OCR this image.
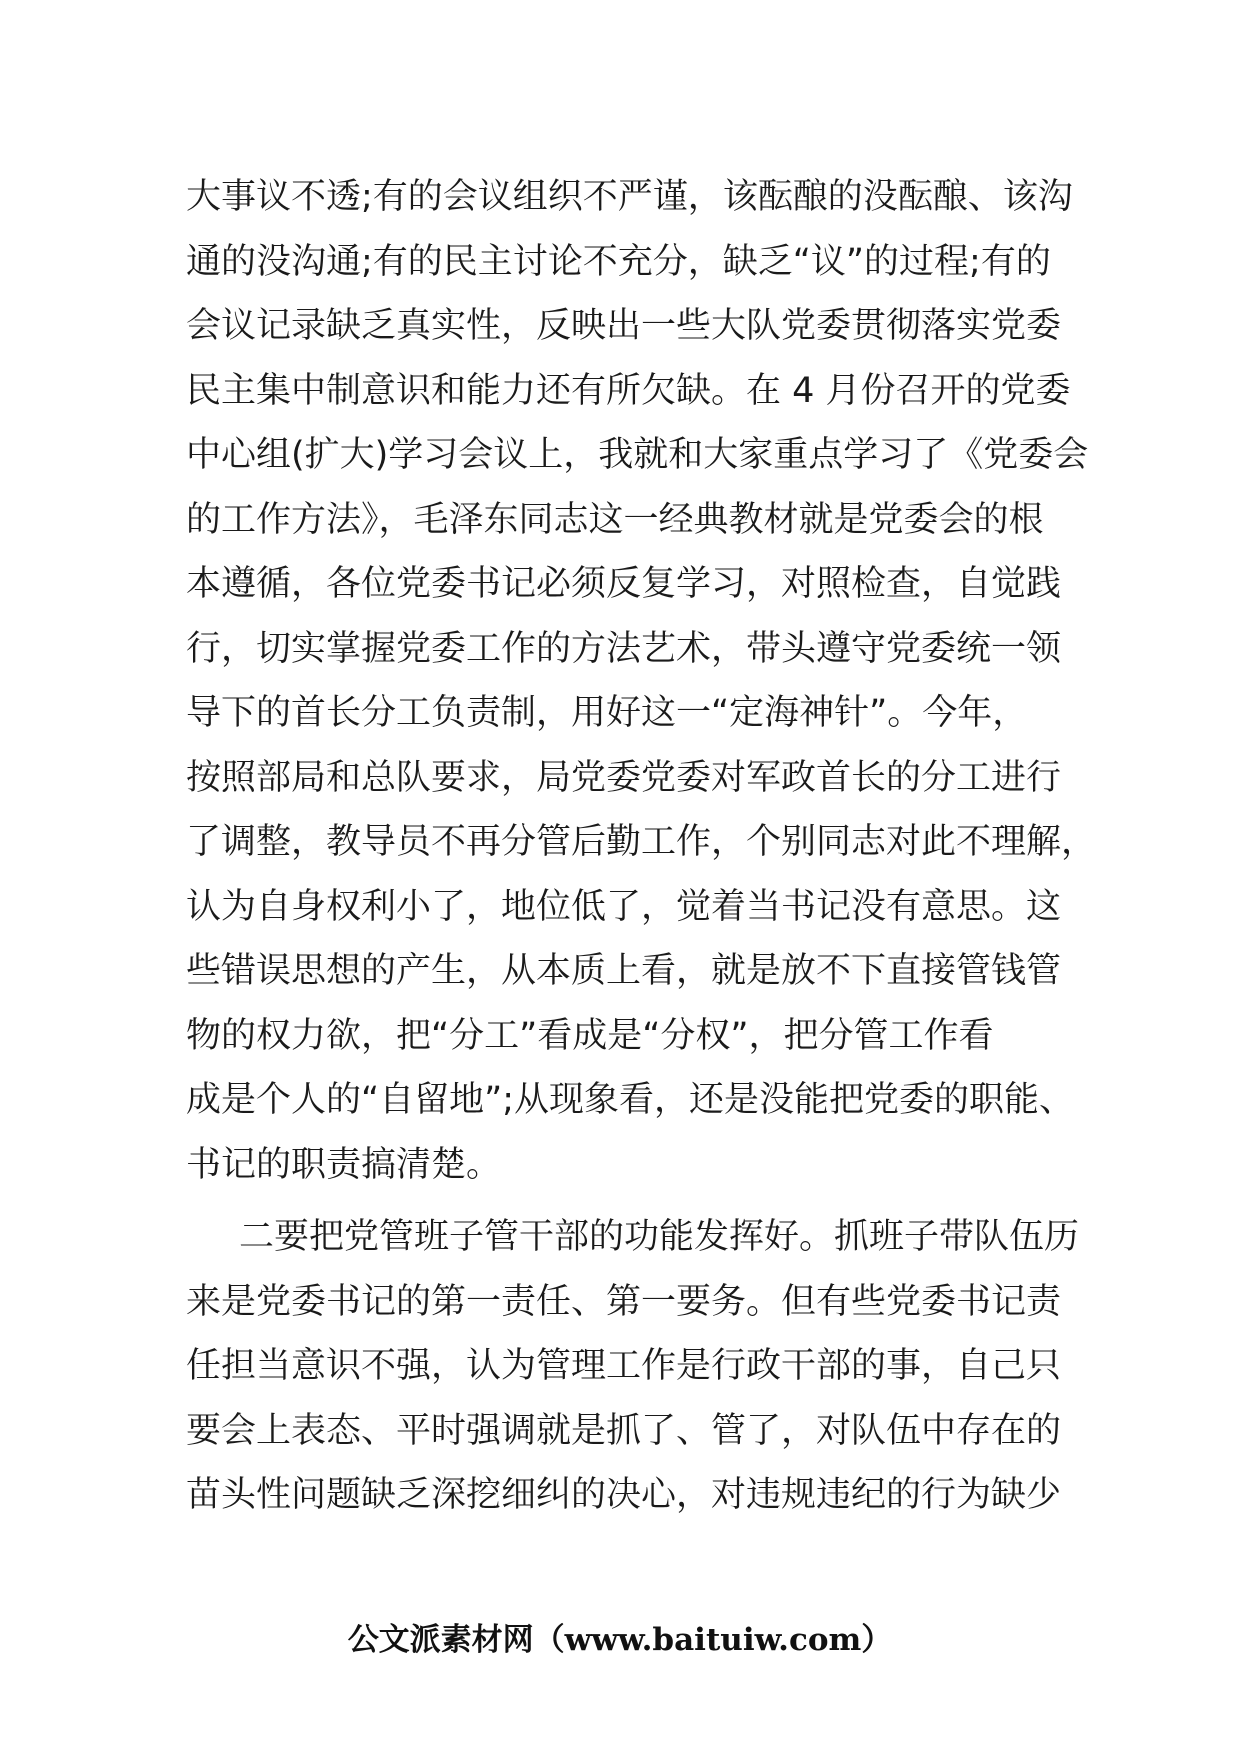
大事议不透;有的会议组织不严谨，该酝酿的没酝酿、该沟
通的没沟通;有的民主讨论不充分，缺乏“议”的过程;有的
会议记录缺乏真实性，反映出一些大队党委贯彻落实党委
民主集中制意识和能力还有所欠缺。在 4 月份召开的党委
中心组(扩大)学习会议上，我就和大家重点学习了《党委会
的工作方法》，毛泽东同志这一经典教材就是党委会的根
本遵循，各位党委书记必须反复学习，对照检查，自觉践
行，切实掌握党委工作的方法艺术，带头遵守党委统一领
导下的首长分工负责制，用好这一“定海神针”。今年，
按照部局和总队要求，局党委党委对军政首长的分工进行
了调整，教导员不再分管后勤工作，个别同志对此不理解，
认为自身权利小了，地位低了，觉着当书记没有意思。这
些错误思想的产生，从本质上看，就是放不下直接管钱管
物的权力欲，把“分工”看成是“分权”，把分管工作看
成是个人的“自留地”;从现象看，还是没能把党委的职能、
书记的职责搞清楚。
二要把党管班子管干部的功能发挥好。抓班子带队伍历
来是党委书记的第一责任、第一要务。但有些党委书记责
任担当意识不强，认为管理工作是行政干部的事，自己只
要会上表态、平时强调就是抓了、管了，对队伍中存在的
苗头性问题缺乏深挖细纠的决心，对违规违纪的行为缺少
公文派素材网（www.baituiw.com）
